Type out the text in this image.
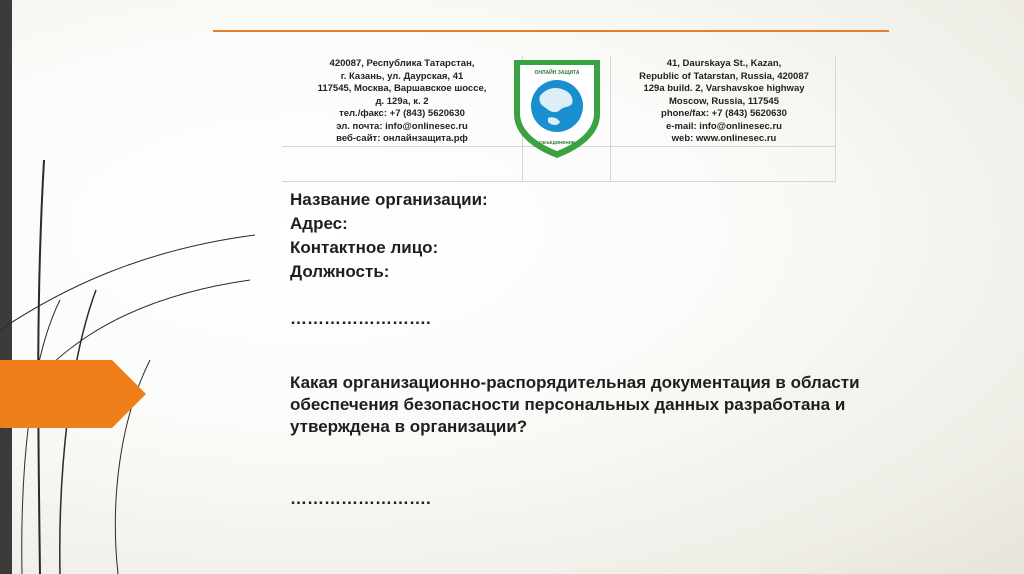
420087, Республика Татарстан,
г. Казань, ул. Даурская, 41
117545, Москва, Варшавское шоссе,
д. 129а, к. 2
тел./факс: +7 (843) 5620630
эл. почта: info@onlinesec.ru
веб-сайт: онлайнзащита.рф
ОНЛАЙН ЗАЩИТА
ОБЪЕДИНЕНИЕ
41, Daurskaya St., Kazan,
Republic of Tatarstan, Russia, 420087
129a build. 2, Varshavskoe highway
Moscow, Russia, 117545
phone/fax: +7 (843) 5620630
e-mail: info@onlinesec.ru
web: www.onlinesec.ru
Название организации:
Адрес:
Контактное лицо:
Должность:
…………………….
Какая организационно-распорядительная документация в области обеспечения безопасности персональных данных разработана и утверждена в организации?
…………………….
